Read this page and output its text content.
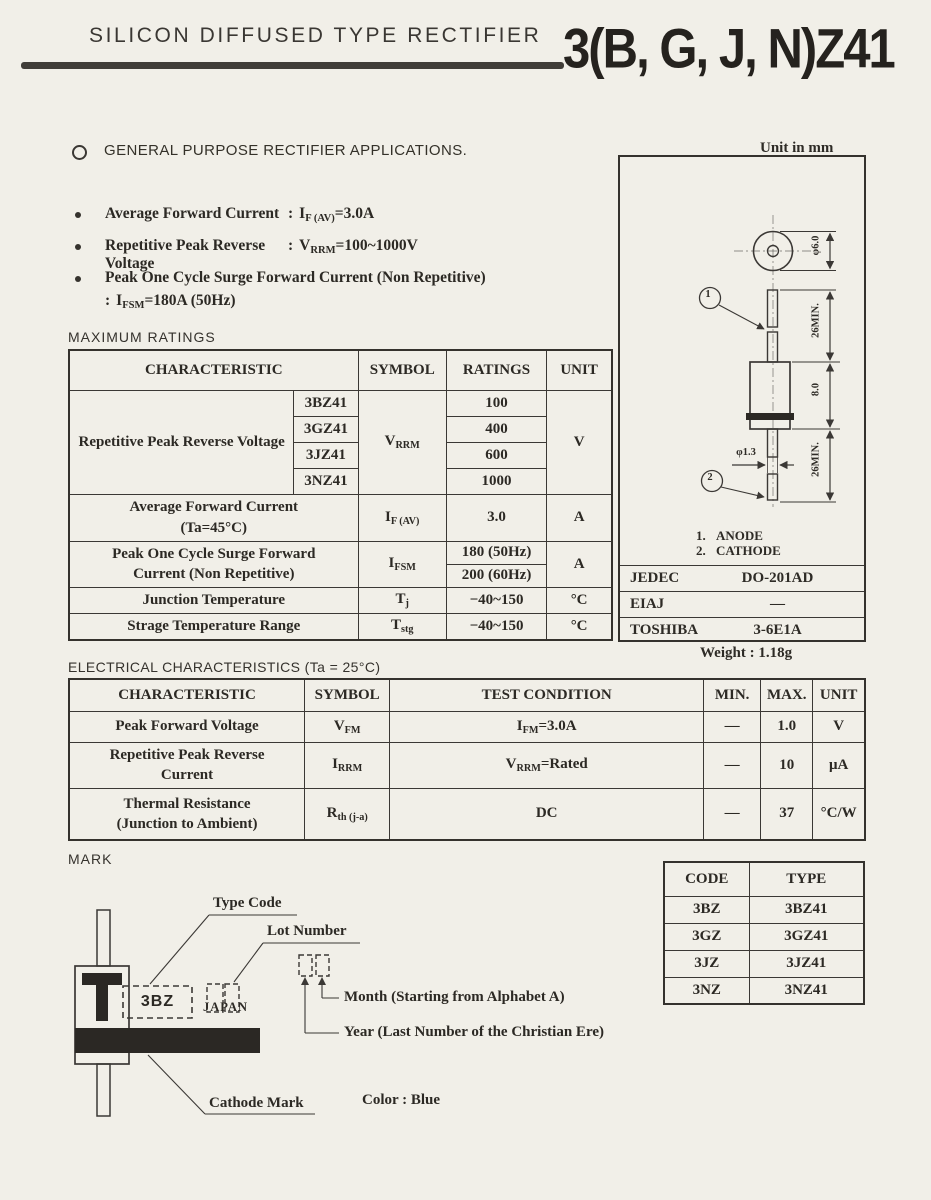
SILICON DIFFUSED TYPE RECTIFIER 3(B, G, J, N)Z41
GENERAL PURPOSE RECTIFIER APPLICATIONS.
Average Forward Current : $I_{F (AV)}=3.0A$
Repetitive Peak Reverse Voltage
: $V_{RRM}=100\sim 1000V$
Peak One Cycle Surge Forward Current (Non Repetitive)
: $I_{FSM}=180A$ (50Hz)
MAXIMUM RATINGS
CHARACTERISTIC		SYMBOL	RATINGS	UNIT
Repetitive Peak Reverse Voltage	3BZ41	$V_{RRM}$	100	V
	3GZ41		400	
	3JZ41		600	
	3NZ41		1000	

Average Forward Current
(Ta=45°C)		$I_{F (AV)}$	3.0	A

Peak One Cycle Surge Forward
Current (Non Repetitive)		$I_{FSM}$	180 (50Hz)	A
			200 (60Hz)	
Junction Temperature		$T_j$	−40~150	°C
Strage Temperature Range		$T_{stg}$	−40~150	°C
Unit in mm
JEDEC	DO-201AD
EIAJ	—
TOSHIBA	3-6E1A
φ6.0
26MIN.
8.0
26MIN.
φ1.3
1
2
1. ANODE
2. CATHODE
Weight : 1.18g
ELECTRICAL CHARACTERISTICS (Ta = 25°C)
CHARACTERISTIC	SYMBOL	TEST CONDITION	MIN.	MAX.	UNIT
Peak Forward Voltage	$V_{FM}$	$I_{FM}=3.0A$	—	1.0	V

Repetitive Peak Reverse
Current	$I_{RRM}$	$V_{RRM}=Rated$	—	10	μA

Thermal Resistance
(Junction to Ambient)	$R_{th (j-a)}$	DC	—	37	°C/W
MARK
3BZ	JAPAN
Type Code
Lot Number
Month (Starting from Alphabet A)
Year (Last Number of the Christian Ere)
Cathode Mark	Color : Blue
CODE	TYPE
3BZ	3BZ41
3GZ	3GZ41
3JZ	3JZ41
3NZ	3NZ41
